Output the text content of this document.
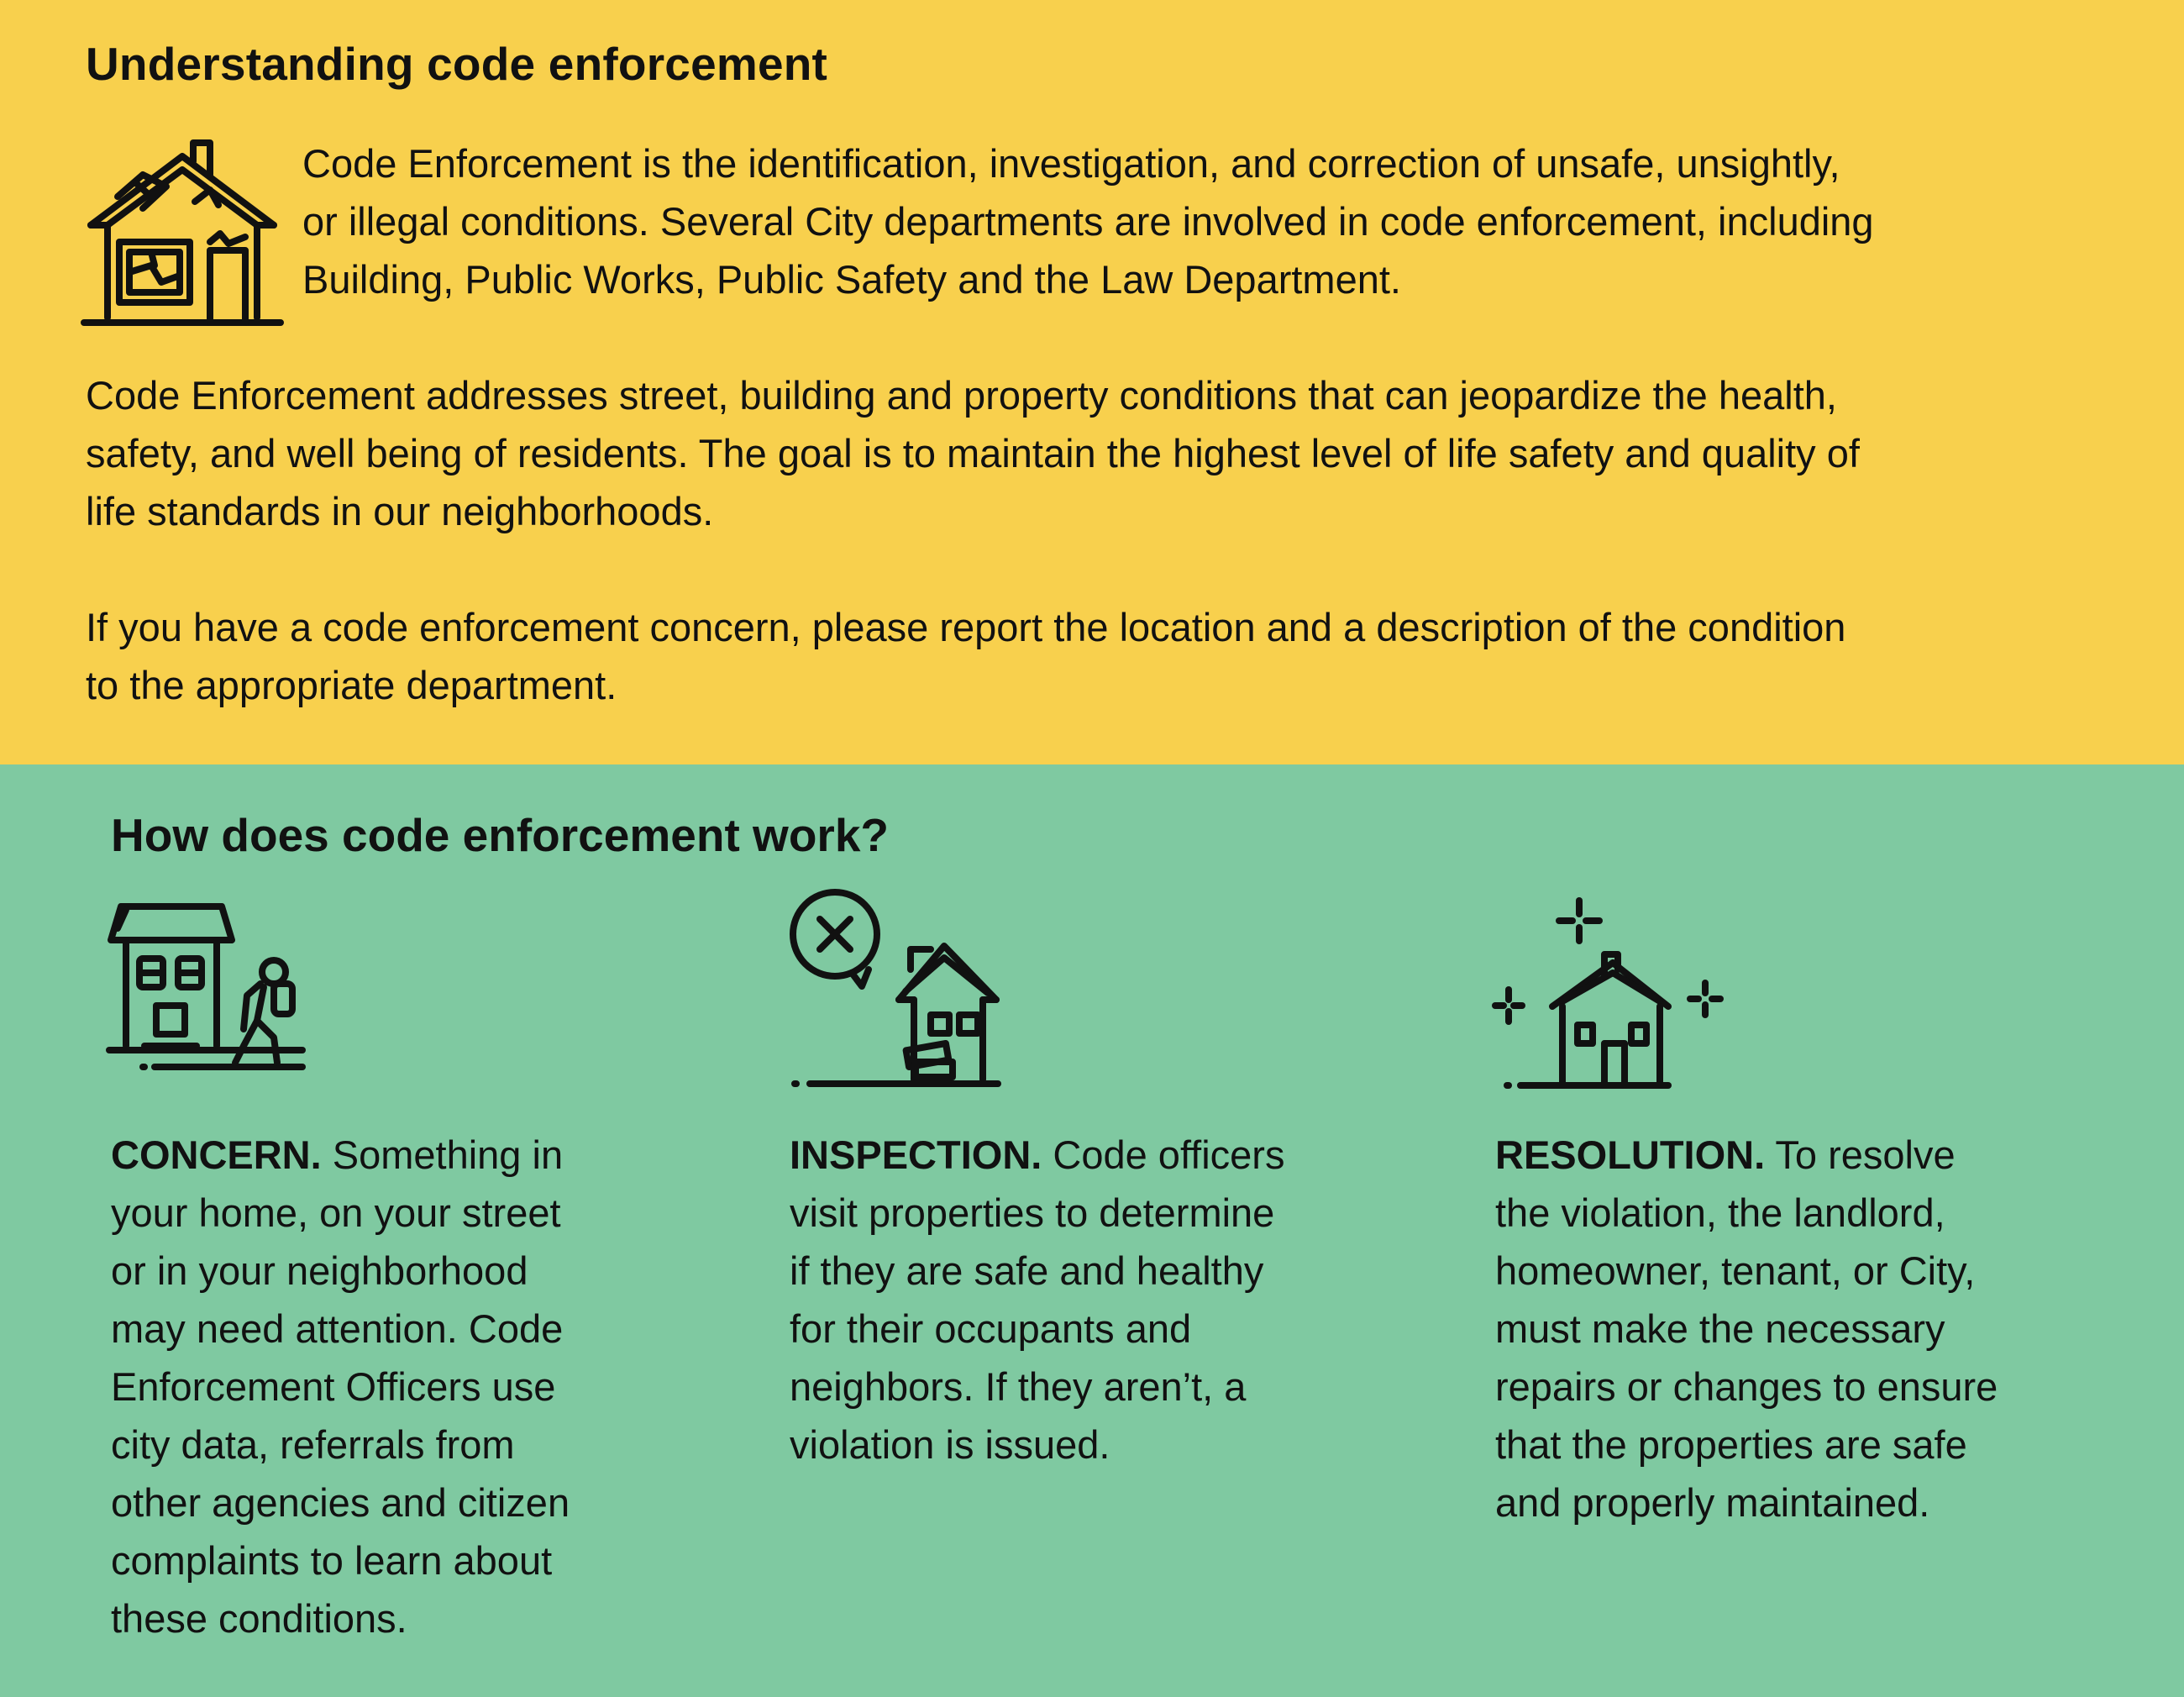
Understanding code enforcement

Code Enforcement is the identification, investigation, and correction of unsafe, unsightly,
or illegal conditions. Several City departments are involved in code enforcement, including
Building, Public Works, Public Safety and the Law Department.

Code Enforcement addresses street, building and property conditions that can jeopardize the health,
safety, and well being of residents. The goal is to maintain the highest level of life safety and quality of
life standards in our neighborhoods.

If you have a code enforcement concern, please report the location and a description of the condition
to the appropriate department.

How does code enforcement work?

CONCERN. Something in
your home, on your street
or in your neighborhood
may need attention. Code
Enforcement Officers use
city data, referrals from
other agencies and citizen
complaints to learn about
these conditions.

INSPECTION. Code officers
visit properties to determine
if they are safe and healthy
for their occupants and
neighbors. If they aren’t, a
violation is issued.

RESOLUTION. To resolve
the violation, the landlord,
homeowner, tenant, or City,
must make the necessary
repairs or changes to ensure
that the properties are safe
and properly maintained.
